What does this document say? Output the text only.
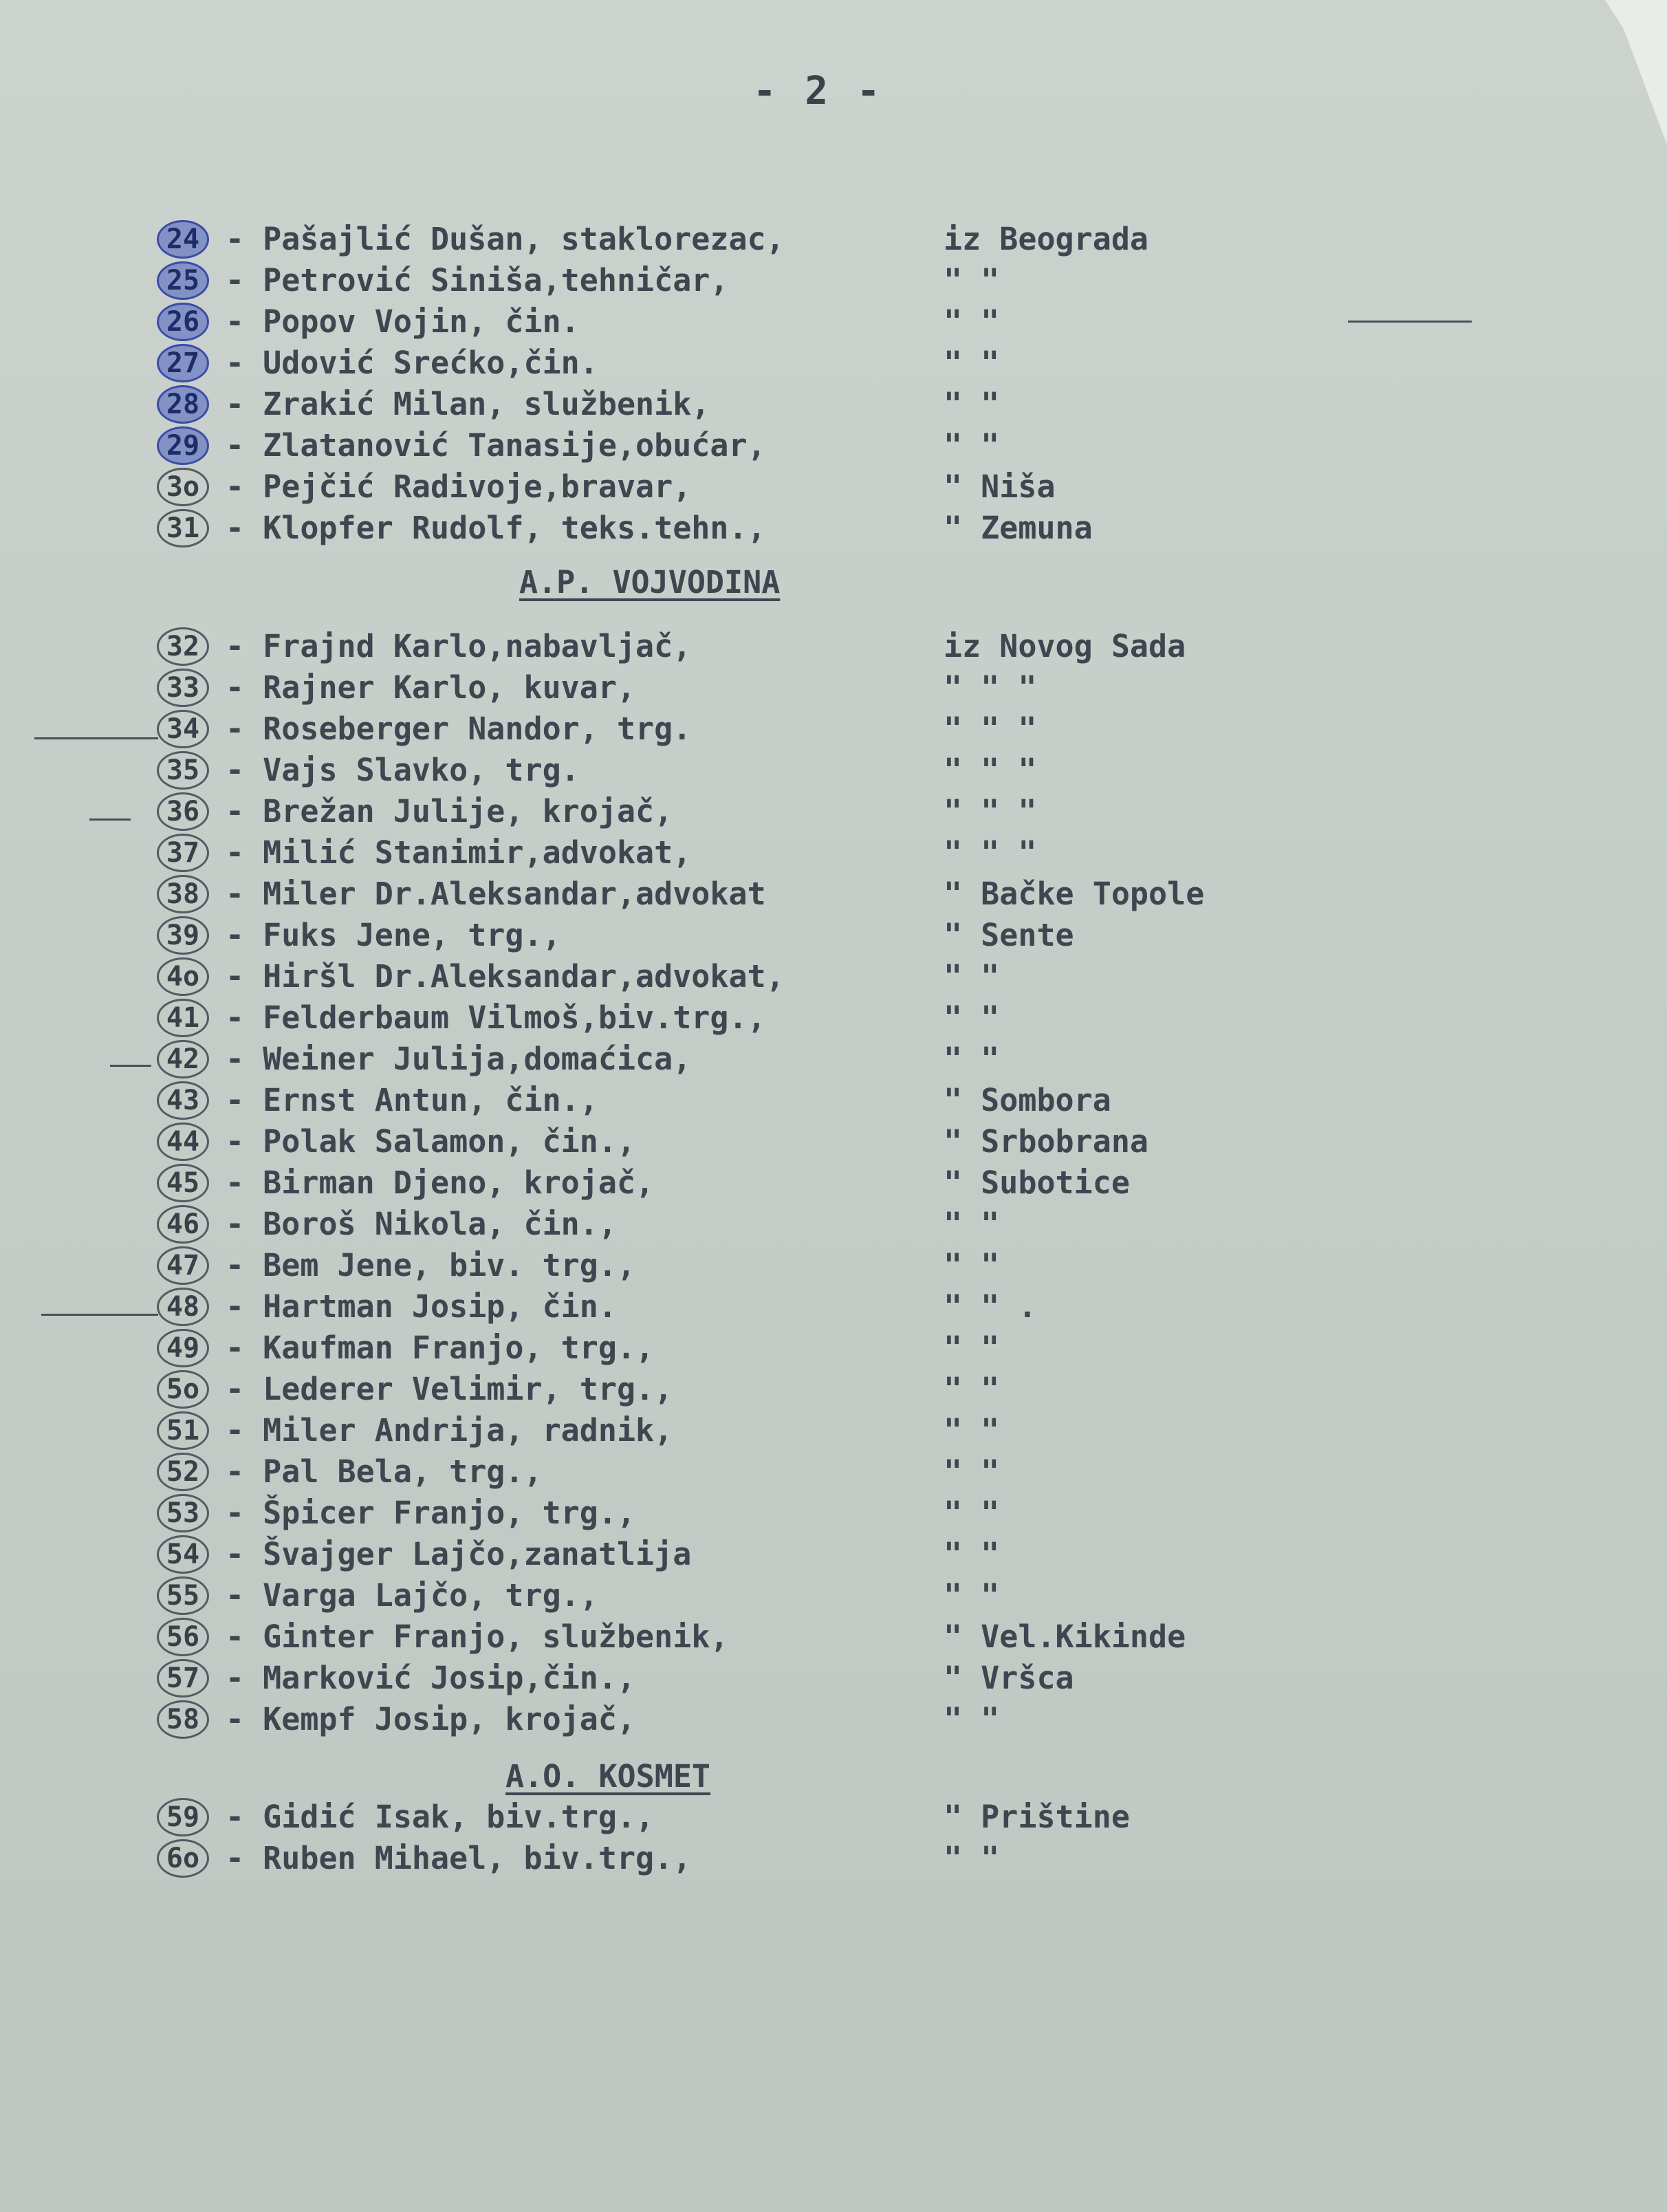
- 2 -
24 - Pašajlić Dušan, staklorezac,	iz Beograda
25 - Petrović Siniša,tehničar,	" "
26 - Popov Vojin, čin.	" "
27 - Udović Srećko,čin.	" "
28 - Zrakić Milan, službenik,	" "
29 - Zlatanović Tanasije,obućar,	" "
3o - Pejčić Radivoje,bravar,	" Niša
31 - Klopfer Rudolf, teks.tehn.,	" Zemuna
A.P. VOJVODINA
32 - Frajnd Karlo,nabavljač,	iz Novog Sada
33 - Rajner Karlo, kuvar,	" " "
34 - Roseberger Nandor, trg.	" " "
35 - Vajs Slavko, trg.	" " "
36 - Brežan Julije, krojač,	" " "
37 - Milić Stanimir,advokat,	" " "
38 - Miler Dr.Aleksandar,advokat	" Bačke Topole
39 - Fuks Jene, trg.,	" Sente
4o - Hiršl Dr.Aleksandar,advokat,	" "
41 - Felderbaum Vilmoš,biv.trg.,	" "
42 - Weiner Julija,domaćica,	" "
43 - Ernst Antun, čin.,	" Sombora
44 - Polak Salamon, čin.,	" Srbobrana
45 - Birman Djeno, krojač,	" Subotice
46 - Boroš Nikola, čin.,	" "
47 - Bem Jene, biv. trg.,	" "
48 - Hartman Josip, čin.	" " .
49 - Kaufman Franjo, trg.,	" "
5o - Lederer Velimir, trg.,	" "
51 - Miler Andrija, radnik,	" "
52 - Pal Bela, trg.,	" "
53 - Špicer Franjo, trg.,	" "
54 - Švajger Lajčo,zanatlija	" "
55 - Varga Lajčo, trg.,	" "
56 - Ginter Franjo, službenik,	" Vel.Kikinde
57 - Marković Josip,čin.,	" Vršca
58 - Kempf Josip, krojač,	" "
A.O. KOSMET
59 - Gidić Isak, biv.trg.,	" Prištine
6o - Ruben Mihael, biv.trg.,	" "
